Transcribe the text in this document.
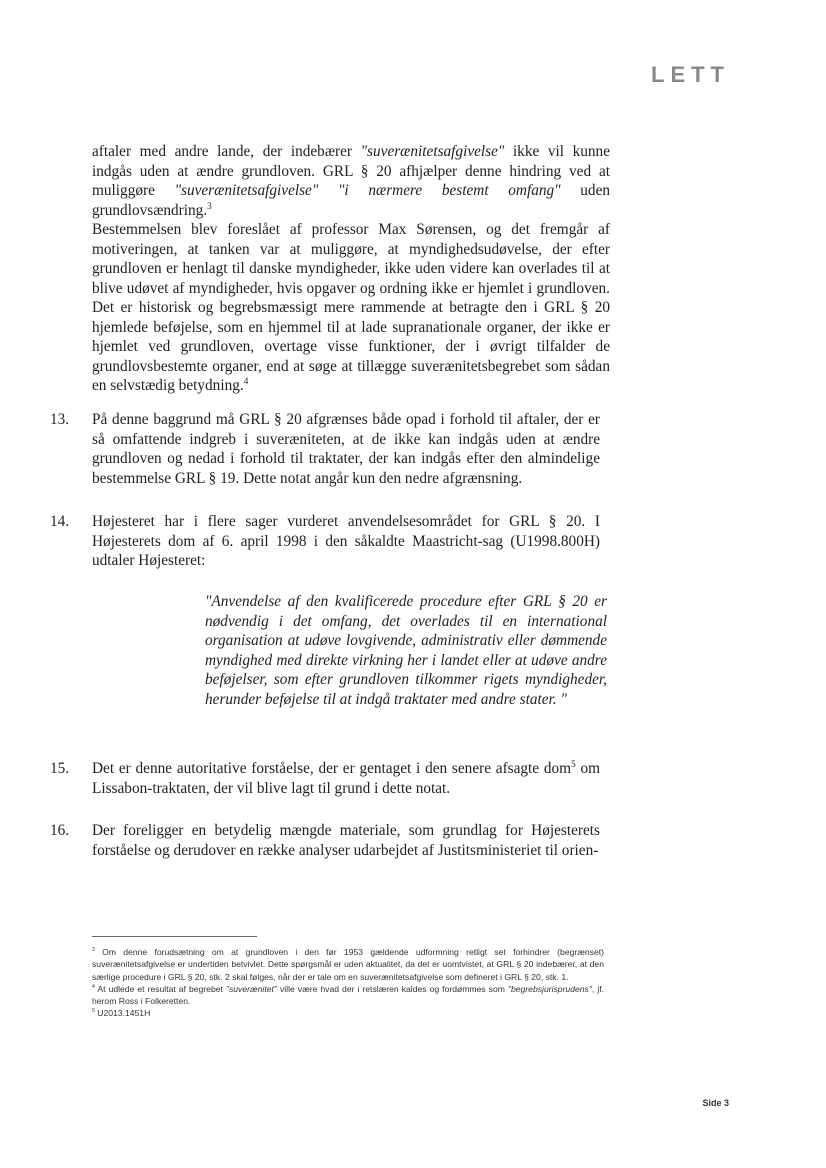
LETT

aftaler med andre lande, der indebærer "suverænitetsafgivelse" ikke vil kunne indgås uden at ændre grundloven. GRL § 20 afhjælper denne hindring ved at muliggøre "suverænitetsafgivelse" "i nærmere bestemt omfang" uden grundlovsændring.$^3$

Bestemmelsen blev foreslået af professor Max Sørensen, og det fremgår af motiveringen, at tanken var at muliggøre, at myndighedsudøvelse, der efter grundloven er henlagt til danske myndigheder, ikke uden videre kan overlades til at blive udøvet af myndigheder, hvis opgaver og ordning ikke er hjemlet i grundloven. Det er historisk og begrebsmæssigt mere rammende at betragte den i GRL § 20 hjemlede beføjelse, som en hjemmel til at lade supranationale organer, der ikke er hjemlet ved grundloven, overtage visse funktioner, der i øvrigt tilfalder de grundlovsbestemte organer, end at søge at tillægge suverænitetsbegrebet som sådan en selvstædig betydning.$^4$

13. På denne baggrund må GRL § 20 afgrænses både opad i forhold til aftaler, der er så omfattende indgreb i suveræniteten, at de ikke kan indgås uden at ændre grundloven og nedad i forhold til traktater, der kan indgås efter den almindelige bestemmelse GRL § 19. Dette notat angår kun den nedre afgrænsning.
14. Højesteret har i flere sager vurderet anvendelsesområdet for GRL § 20. I Højesterets dom af 6. april 1998 i den såkaldte Maastricht-sag (U1998.800H) udtaler Højesteret:
"Anvendelse af den kvalificerede procedure efter GRL § 20 er nødvendig i det omfang, det overlades til en international organisation at udøve lovgivende, administrativ eller dømmende myndighed med direkte virkning her i landet eller at udøve andre beføjelser, som efter grundloven tilkommer rigets myndigheder, herunder beføjelse til at indgå traktater med andre stater. "
15. Det er denne autoritative forståelse, der er gentaget i den senere afsagte dom$^5$ om Lissabon-traktaten, der vil blive lagt til grund i dette notat.
16. Der foreligger en betydelig mængde materiale, som grundlag for Højesterets forståelse og derudover en række analyser udarbejdet af Justitsministeriet til orien-

$^3$ Om denne forudsætning om at grundloven i den før 1953 gældende udformning retligt set forhindrer (begrænset) suverænitetsafgivelse er undertiden betvivlet. Dette spørgsmål er uden aktualitet, da det er uomtvistet, at GRL § 20 indebærer, at den særlige procedure i GRL § 20, stk. 2 skal følges, når der er tale om en suverænitetsafgivelse som defineret i GRL § 20, stk. 1.

$^4$ At udlede et resultat af begrebet "suverænitet" ville være hvad der i retslæren kaldes og fordømmes som "begrebsjurisprudens", jf. herom Ross i Folkeretten.

$^5$ U2013.1451H

Side 3
